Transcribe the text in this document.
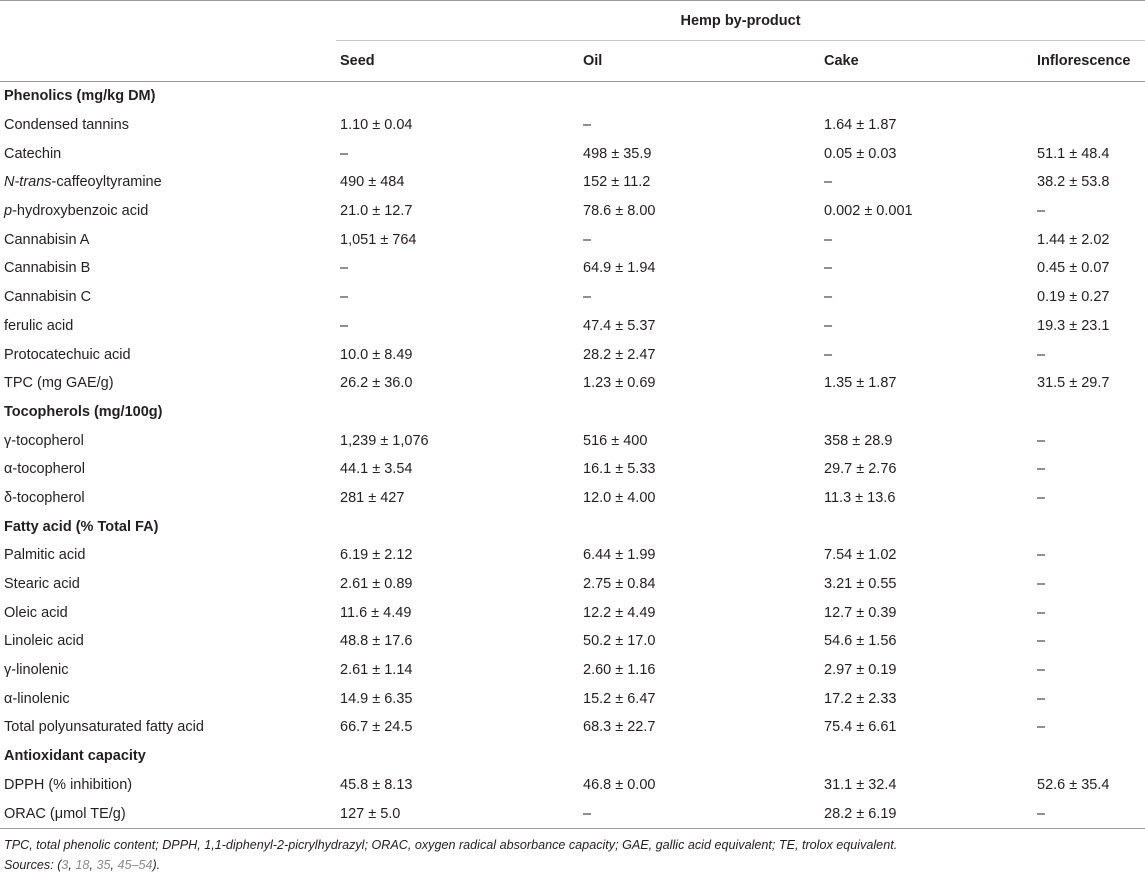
	Hemp by-product			
	Seed	Oil	Cake	Inflorescence
Phenolics (mg/kg DM)				
Condensed tannins	1.10 ± 0.04	–	1.64 ± 1.87	
Catechin	–	498 ± 35.9	0.05 ± 0.03	51.1 ± 48.4
N-trans-caffeoyltyramine	490 ± 484	152 ± 11.2	–	38.2 ± 53.8
p-hydroxybenzoic acid	21.0 ± 12.7	78.6 ± 8.00	0.002 ± 0.001	–
Cannabisin A	1,051 ± 764	–	–	1.44 ± 2.02
Cannabisin B	–	64.9 ± 1.94	–	0.45 ± 0.07
Cannabisin C	–	–	–	0.19 ± 0.27
ferulic acid	–	47.4 ± 5.37	–	19.3 ± 23.1
Protocatechuic acid	10.0 ± 8.49	28.2 ± 2.47	–	–
TPC (mg GAE/g)	26.2 ± 36.0	1.23 ± 0.69	1.35 ± 1.87	31.5 ± 29.7
Tocopherols (mg/100g)				
γ-tocopherol	1,239 ± 1,076	516 ± 400	358 ± 28.9	–
α-tocopherol	44.1 ± 3.54	16.1 ± 5.33	29.7 ± 2.76	–
δ-tocopherol	281 ± 427	12.0 ± 4.00	11.3 ± 13.6	–
Fatty acid (% Total FA)				
Palmitic acid	6.19 ± 2.12	6.44 ± 1.99	7.54 ± 1.02	–
Stearic acid	2.61 ± 0.89	2.75 ± 0.84	3.21 ± 0.55	–
Oleic acid	11.6 ± 4.49	12.2 ± 4.49	12.7 ± 0.39	–
Linoleic acid	48.8 ± 17.6	50.2 ± 17.0	54.6 ± 1.56	–
γ-linolenic	2.61 ± 1.14	2.60 ± 1.16	2.97 ± 0.19	–
α-linolenic	14.9 ± 6.35	15.2 ± 6.47	17.2 ± 2.33	–
Total polyunsaturated fatty acid	66.7 ± 24.5	68.3 ± 22.7	75.4 ± 6.61	–
Antioxidant capacity				
DPPH (% inhibition)	45.8 ± 8.13	46.8 ± 0.00	31.1 ± 32.4	52.6 ± 35.4
ORAC (μmol TE/g)	127 ± 5.0	–	28.2 ± 6.19	–
TPC, total phenolic content; DPPH, 1,1-diphenyl-2-picrylhydrazyl; ORAC, oxygen radical absorbance capacity; GAE, gallic acid equivalent; TE, trolox equivalent.
Sources: (3, 18, 35, 45–54).
